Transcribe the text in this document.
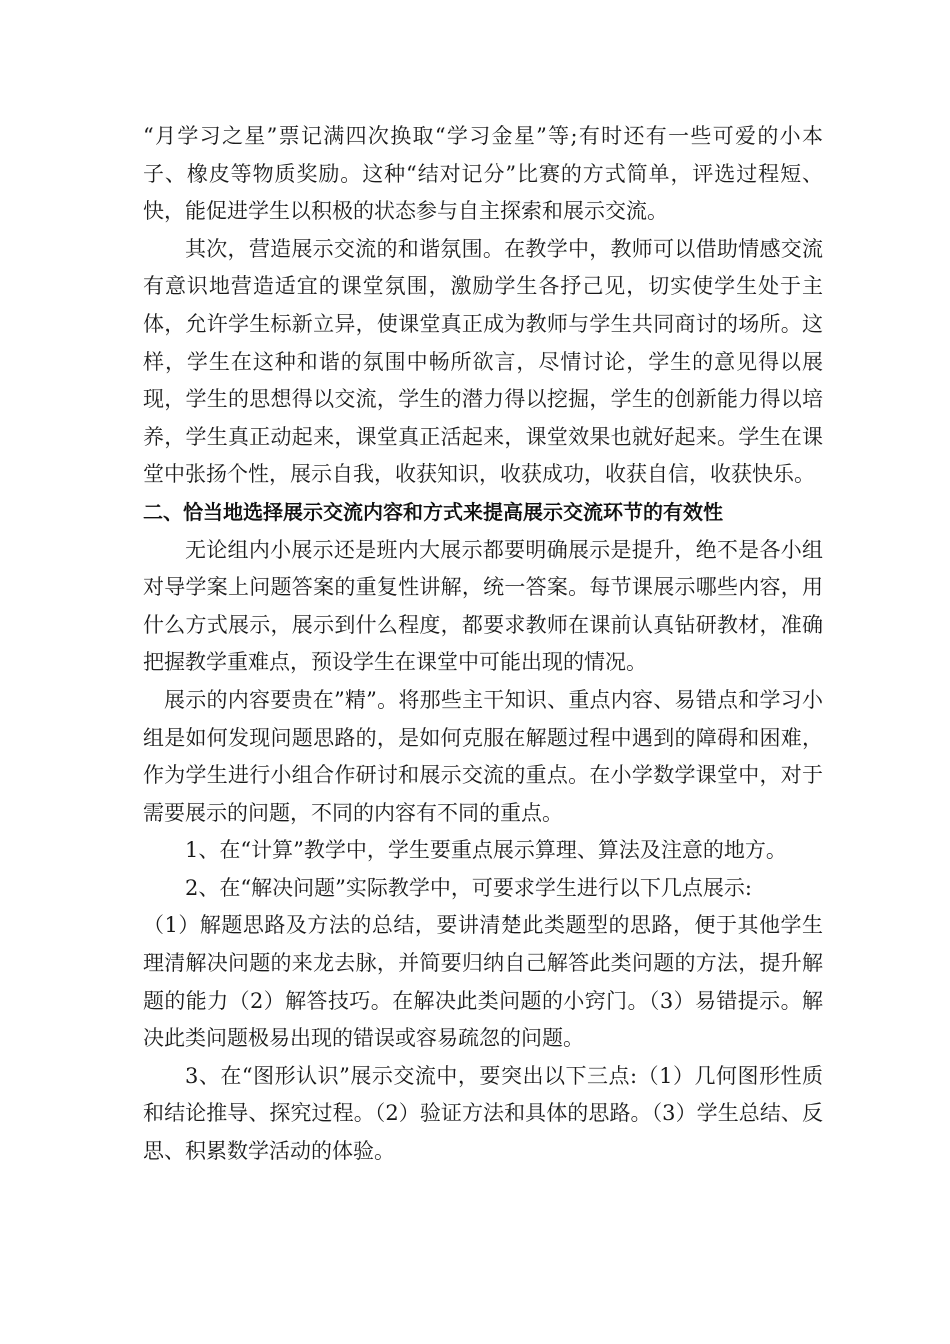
“月学习之星”票记满四次换取“学习金星”等;有时还有一些可爱的小本子、橡皮等物质奖励。这种“结对记分”比赛的方式简单，评选过程短、快，能促进学生以积极的状态参与自主探索和展示交流。

其次，营造展示交流的和谐氛围。在教学中，教师可以借助情感交流有意识地营造适宜的课堂氛围，激励学生各抒己见，切实使学生处于主体，允许学生标新立异，使课堂真正成为教师与学生共同商讨的场所。这样，学生在这种和谐的氛围中畅所欲言，尽情讨论，学生的意见得以展现，学生的思想得以交流，学生的潜力得以挖掘，学生的创新能力得以培养，学生真正动起来，课堂真正活起来，课堂效果也就好起来。学生在课堂中张扬个性，展示自我，收获知识，收获成功，收获自信，收获快乐。

二、恰当地选择展示交流内容和方式来提高展示交流环节的有效性

无论组内小展示还是班内大展示都要明确展示是提升，绝不是各小组对导学案上问题答案的重复性讲解，统一答案。每节课展示哪些内容，用什么方式展示，展示到什么程度，都要求教师在课前认真钻研教材，准确把握教学重难点，预设学生在课堂中可能出现的情况。

展示的内容要贵在”精”。将那些主干知识、重点内容、易错点和学习小组是如何发现问题思路的，是如何克服在解题过程中遇到的障碍和困难，作为学生进行小组合作研讨和展示交流的重点。在小学数学课堂中，对于需要展示的问题，不同的内容有不同的重点。

1、在“计算”教学中，学生要重点展示算理、算法及注意的地方。

2、在“解决问题”实际教学中，可要求学生进行以下几点展示:

（1）解题思路及方法的总结，要讲清楚此类题型的思路，便于其他学生理清解决问题的来龙去脉，并简要归纳自己解答此类问题的方法，提升解题的能力（2）解答技巧。在解决此类问题的小窍门。（3）易错提示。解决此类问题极易出现的错误或容易疏忽的问题。

3、在“图形认识”展示交流中，要突出以下三点:（1）几何图形性质和结论推导、探究过程。（2）验证方法和具体的思路。（3）学生总结、反思、积累数学活动的体验。
